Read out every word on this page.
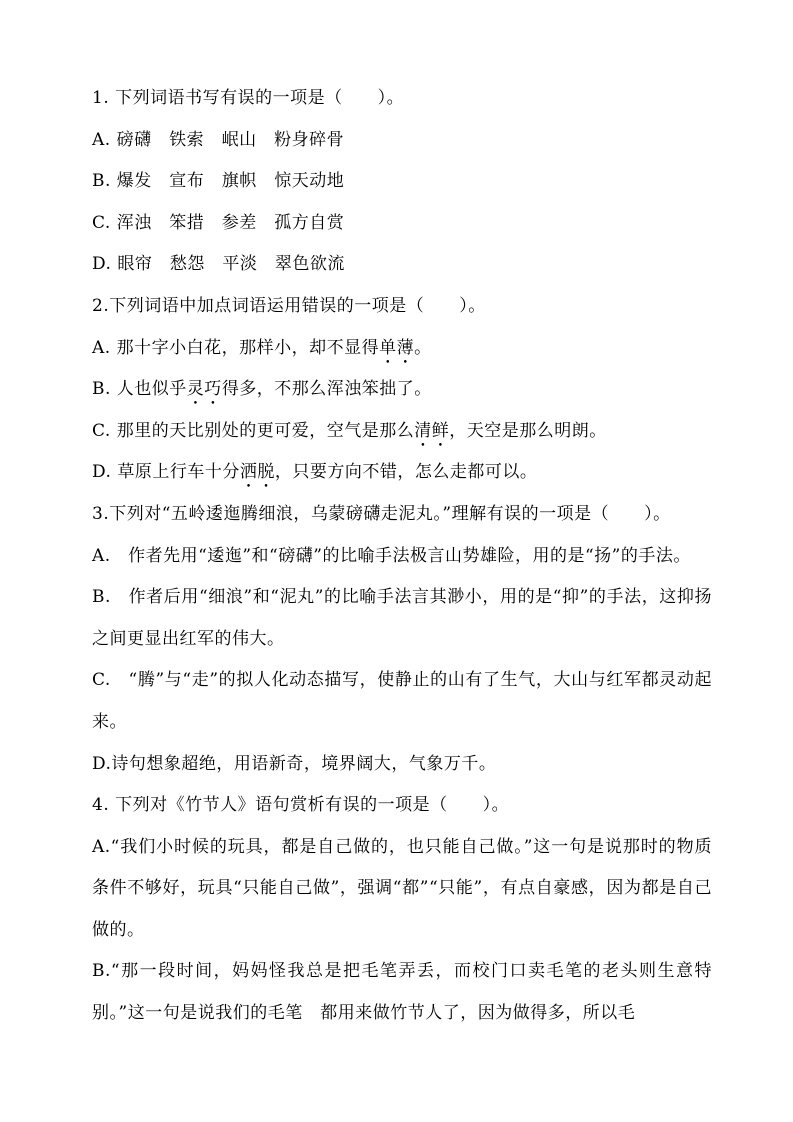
1. 下列词语书写有误的一项是（　　）。
A. 磅礴　铁索　岷山　粉身碎骨
B. 爆发　宣布　旗帜　惊天动地
C. 浑浊　笨措　参差　孤方自赏
D. 眼帘　愁怨　平淡　翠色欲流
2.下列词语中加点词语运用错误的一项是（　　）。
A. 那十字小白花，那样小，却不显得单薄。
B. 人也似乎灵巧得多，不那么浑浊笨拙了。
C. 那里的天比别处的更可爱，空气是那么清鲜，天空是那么明朗。
D. 草原上行车十分洒脱，只要方向不错，怎么走都可以。
3.下列对“五岭逶迤腾细浪，乌蒙磅礴走泥丸。”理解有误的一项是（　　）。
A.　作者先用“逶迤”和“磅礴”的比喻手法极言山势雄险，用的是“扬”的手法。
B.　作者后用“细浪”和“泥丸”的比喻手法言其渺小，用的是“抑”的手法，这抑扬之间更显出红军的伟大。
C.　“腾”与“走”的拟人化动态描写，使静止的山有了生气，大山与红军都灵动起来。
D.诗句想象超绝，用语新奇，境界阔大，气象万千。
4. 下列对《竹节人》语句赏析有误的一项是（　　）。
A.“我们小时候的玩具，都是自己做的，也只能自己做。”这一句是说那时的物质条件不够好，玩具“只能自己做”，强调“都”“只能”，有点自豪感，因为都是自己做的。
B.“那一段时间，妈妈怪我总是把毛笔弄丢，而校门口卖毛笔的老头则生意特别。”这一句是说我们的毛笔　都用来做竹节人了，因为做得多，所以毛
